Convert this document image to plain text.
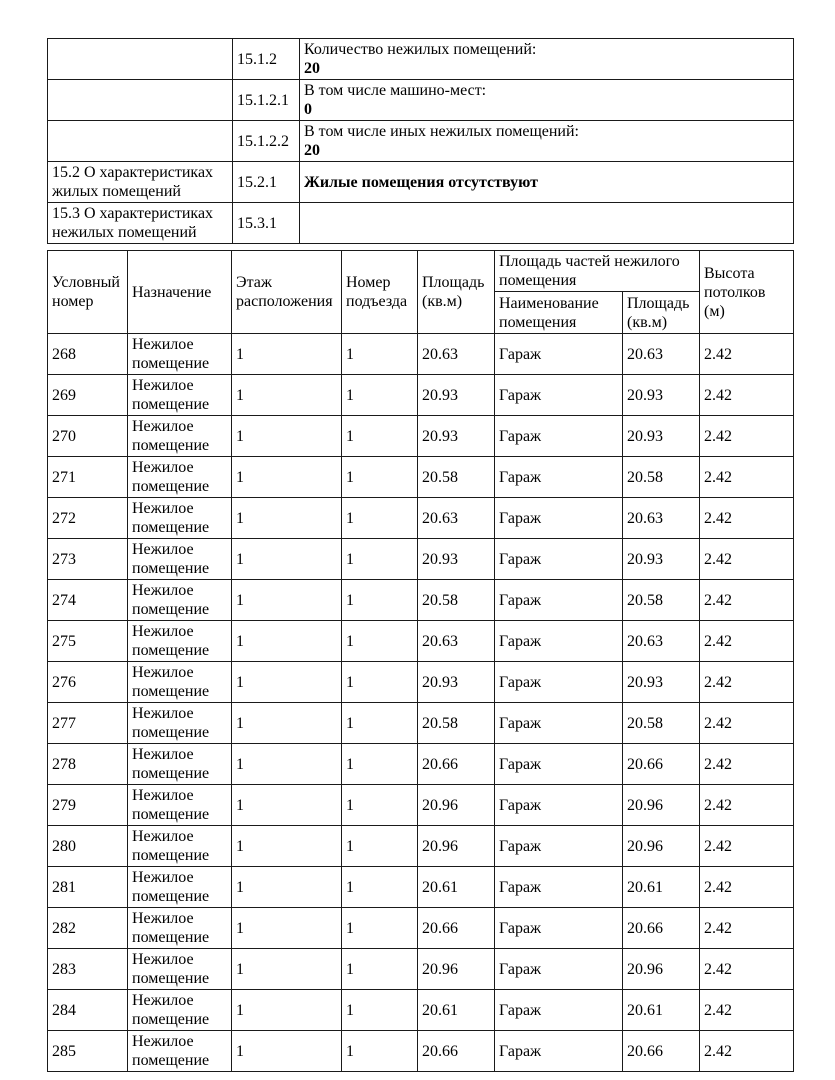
	15.1.2	Количество нежилых помещений:
20

	15.1.2.1	В том числе машино-мест:
0

	15.1.2.2	В том числе иных нежилых помещений:
20

15.2 О характеристиках жилых помещений	15.2.1	Жилые помещения отсутствуют

15.3 О характеристиках нежилых помещений	15.3.1	
Условный номер	Назначение	Этаж расположения	Номер подъезда	Площадь (кв.м)	Площадь частей нежилого помещения		Высота потолков (м)
					Наименование помещения	Площадь (кв.м)	
268	Нежилое помещение	1	1	20.63	Гараж	20.63	2.42
269	Нежилое помещение	1	1	20.93	Гараж	20.93	2.42
270	Нежилое помещение	1	1	20.93	Гараж	20.93	2.42
271	Нежилое помещение	1	1	20.58	Гараж	20.58	2.42
272	Нежилое помещение	1	1	20.63	Гараж	20.63	2.42
273	Нежилое помещение	1	1	20.93	Гараж	20.93	2.42
274	Нежилое помещение	1	1	20.58	Гараж	20.58	2.42
275	Нежилое помещение	1	1	20.63	Гараж	20.63	2.42
276	Нежилое помещение	1	1	20.93	Гараж	20.93	2.42
277	Нежилое помещение	1	1	20.58	Гараж	20.58	2.42
278	Нежилое помещение	1	1	20.66	Гараж	20.66	2.42
279	Нежилое помещение	1	1	20.96	Гараж	20.96	2.42
280	Нежилое помещение	1	1	20.96	Гараж	20.96	2.42
281	Нежилое помещение	1	1	20.61	Гараж	20.61	2.42
282	Нежилое помещение	1	1	20.66	Гараж	20.66	2.42
283	Нежилое помещение	1	1	20.96	Гараж	20.96	2.42
284	Нежилое помещение	1	1	20.61	Гараж	20.61	2.42
285	Нежилое помещение	1	1	20.66	Гараж	20.66	2.42
